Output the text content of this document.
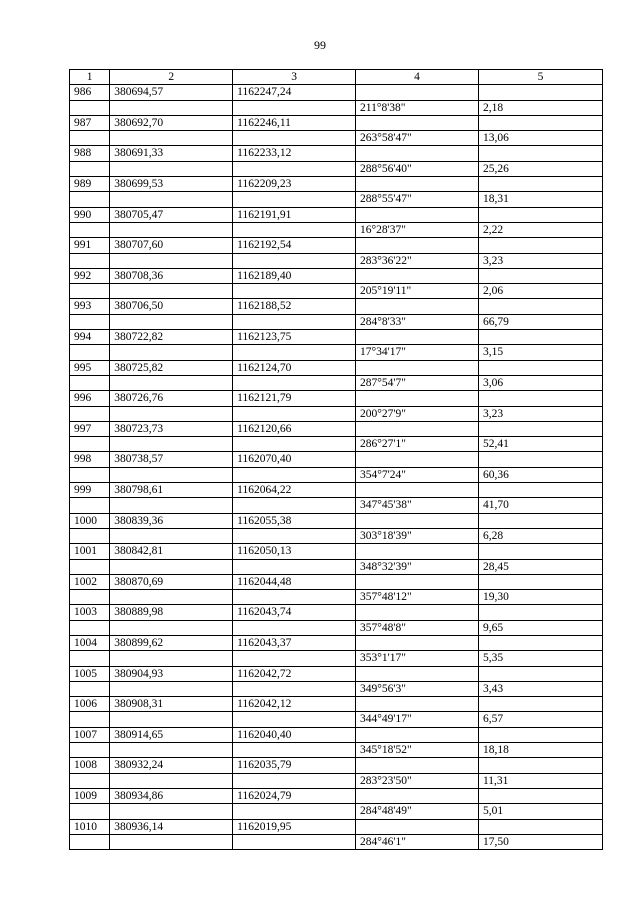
99
1	2	3	4	5
986	380694,57	1162247,24		
			211°8'38"	2,18
987	380692,70	1162246,11		
			263°58'47"	13,06
988	380691,33	1162233,12		
			288°56'40"	25,26
989	380699,53	1162209,23		
			288°55'47"	18,31
990	380705,47	1162191,91		
			16°28'37"	2,22
991	380707,60	1162192,54		
			283°36'22"	3,23
992	380708,36	1162189,40		
			205°19'11"	2,06
993	380706,50	1162188,52		
			284°8'33"	66,79
994	380722,82	1162123,75		
			17°34'17"	3,15
995	380725,82	1162124,70		
			287°54'7"	3,06
996	380726,76	1162121,79		
			200°27'9"	3,23
997	380723,73	1162120,66		
			286°27'1"	52,41
998	380738,57	1162070,40		
			354°7'24"	60,36
999	380798,61	1162064,22		
			347°45'38"	41,70
1000	380839,36	1162055,38		
			303°18'39"	6,28
1001	380842,81	1162050,13		
			348°32'39"	28,45
1002	380870,69	1162044,48		
			357°48'12"	19,30
1003	380889,98	1162043,74		
			357°48'8"	9,65
1004	380899,62	1162043,37		
			353°1'17"	5,35
1005	380904,93	1162042,72		
			349°56'3"	3,43
1006	380908,31	1162042,12		
			344°49'17"	6,57
1007	380914,65	1162040,40		
			345°18'52"	18,18
1008	380932,24	1162035,79		
			283°23'50"	11,31
1009	380934,86	1162024,79		
			284°48'49"	5,01
1010	380936,14	1162019,95		
			284°46'1"	17,50
